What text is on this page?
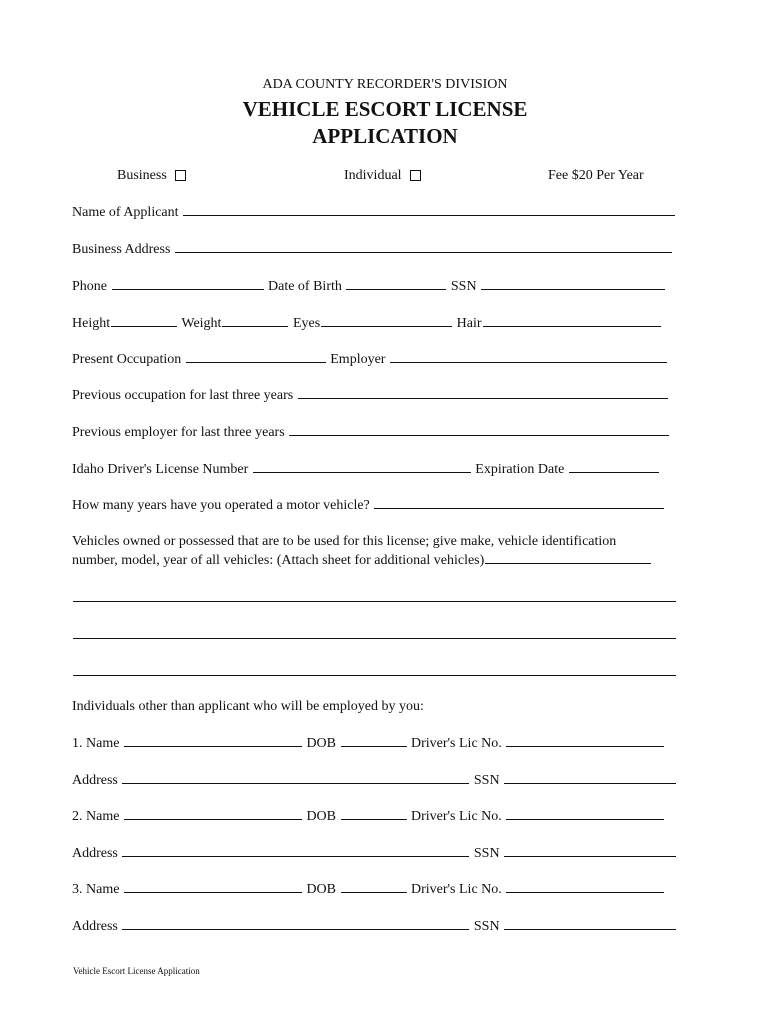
ADA COUNTY RECORDER'S DIVISION
VEHICLE ESCORT LICENSE
APPLICATION
Business	Individual	Fee $20 Per Year
Name of Applicant
Business Address
Phone	Date of Birth	SSN
Height	Weight	Eyes	Hair
Present Occupation	Employer
Previous occupation for last three years
Previous employer for last three years
Idaho Driver's License Number	Expiration Date
How many years have you operated a motor vehicle?
Vehicles owned or possessed that are to be used for this license; give make, vehicle identification
number, model, year of all vehicles: (Attach sheet for additional vehicles)
Individuals other than applicant who will be employed by you:
1. Name	DOB	Driver's Lic No.
Address	SSN
2. Name	DOB	Driver's Lic No.
Address	SSN
3. Name	DOB	Driver's Lic No.
Address	SSN
Vehicle Escort License Application
